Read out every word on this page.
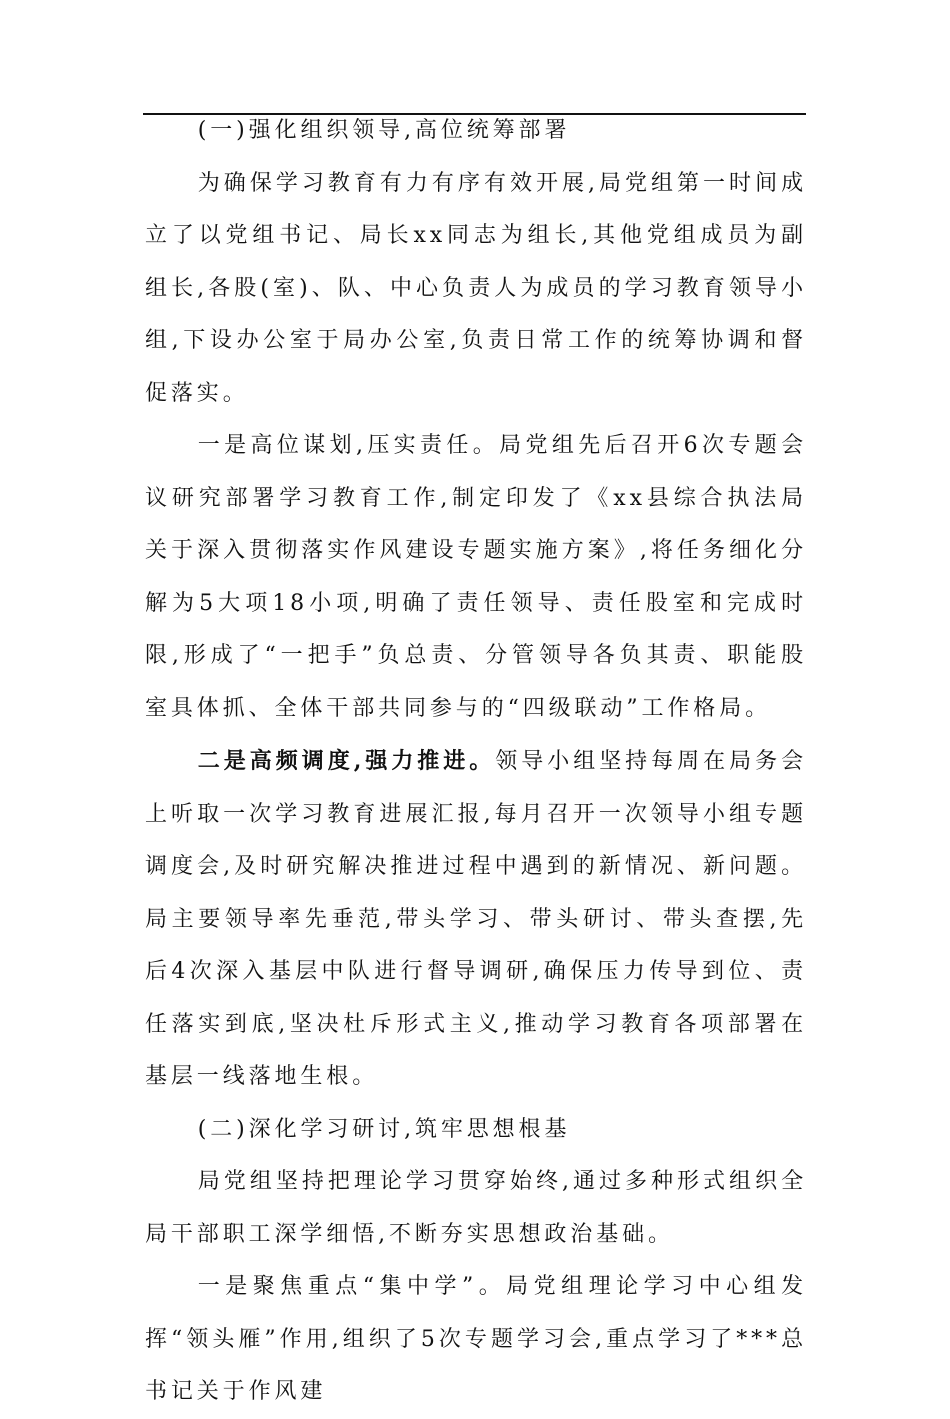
(一)强化组织领导,高位统筹部署

为确保学习教育有力有序有效开展,局党组第一时间成立了以党组书记、局长xx同志为组长,其他党组成员为副组长,各股(室)、队、中心负责人为成员的学习教育领导小组,下设办公室于局办公室,负责日常工作的统筹协调和督促落实。

一是高位谋划,压实责任。局党组先后召开6次专题会议研究部署学习教育工作,制定印发了《xx县综合执法局关于深入贯彻落实作风建设专题实施方案》,将任务细化分解为5大项18小项,明确了责任领导、责任股室和完成时限,形成了“一把手”负总责、分管领导各负其责、职能股室具体抓、全体干部共同参与的“四级联动”工作格局。

二是高频调度,强力推进。领导小组坚持每周在局务会上听取一次学习教育进展汇报,每月召开一次领导小组专题调度会,及时研究解决推进过程中遇到的新情况、新问题。局主要领导率先垂范,带头学习、带头研讨、带头查摆,先后4次深入基层中队进行督导调研,确保压力传导到位、责任落实到底,坚决杜斥形式主义,推动学习教育各项部署在基层一线落地生根。

(二)深化学习研讨,筑牢思想根基

局党组坚持把理论学习贯穿始终,通过多种形式组织全局干部职工深学细悟,不断夯实思想政治基础。

一是聚焦重点“集中学”。局党组理论学习中心组发挥“领头雁”作用,组织了5次专题学习会,重点学习了***总书记关于作风建
